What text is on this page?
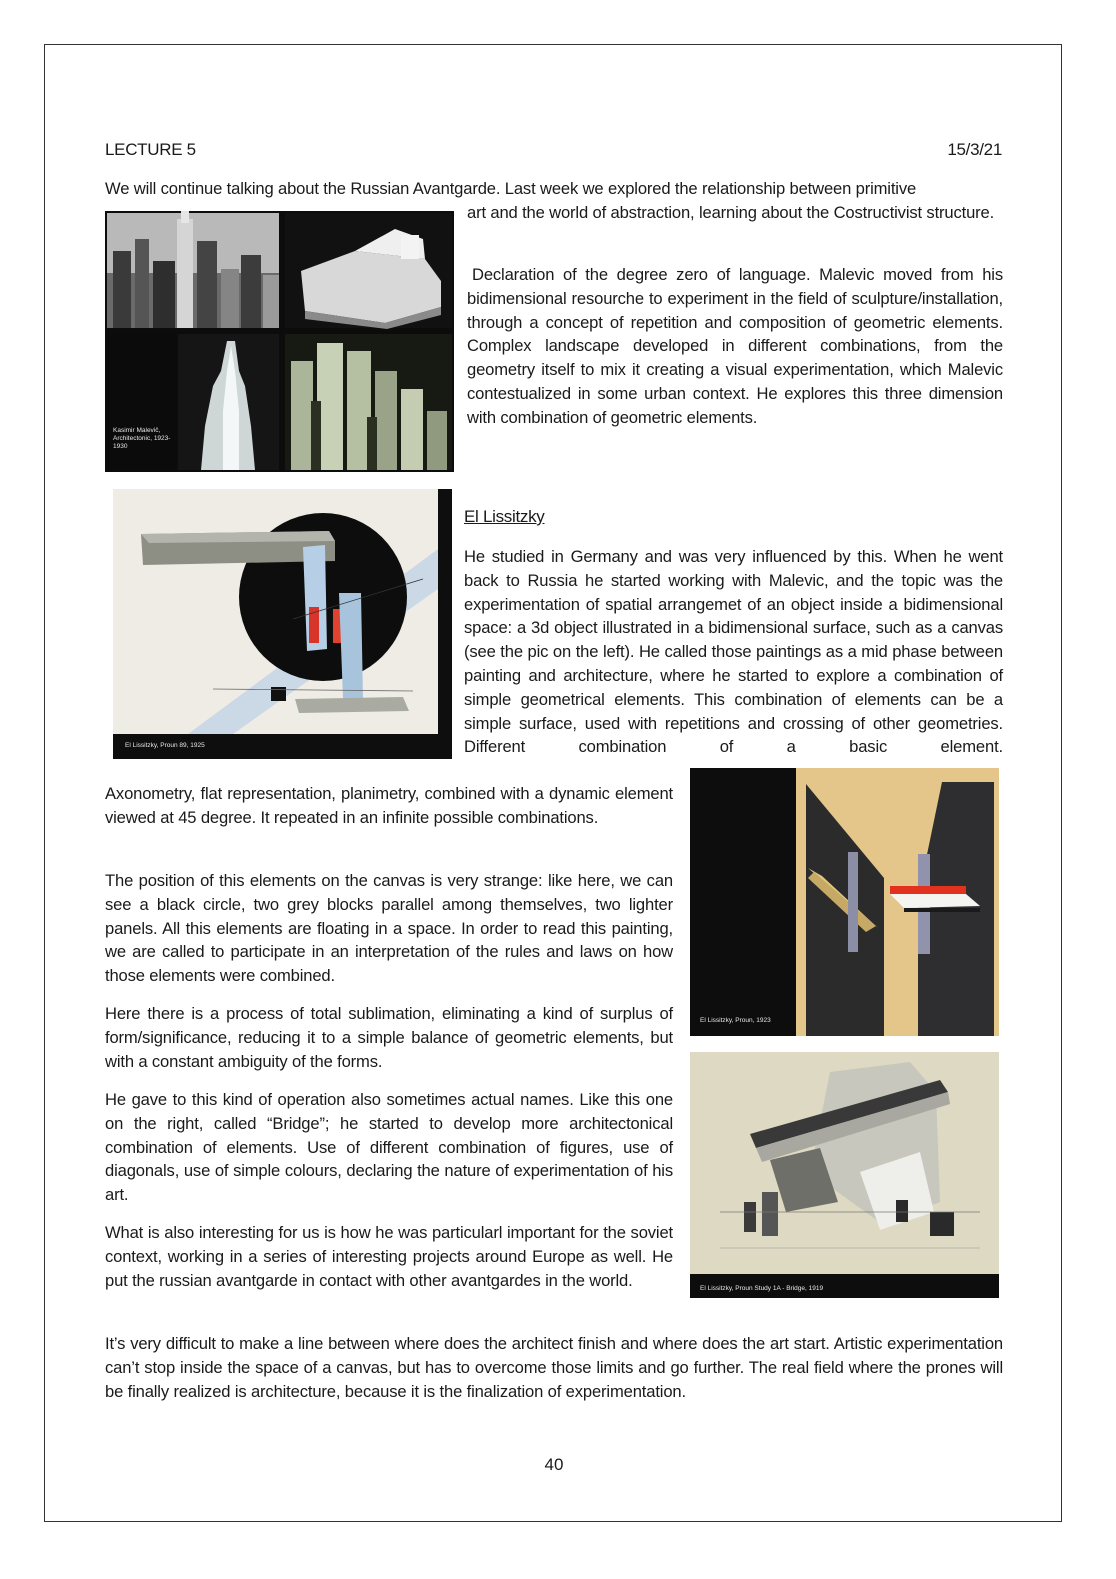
LECTURE 5	15/3/21
We will continue talking about the Russian Avantgarde. Last week we explored the relationship between primitive
art and the world of abstraction, learning about the Costructivist structure.
Declaration of the degree zero of language. Malevic moved from his bidimensional resourche to experiment in the field of sculpture/installation, through a concept of repetition and composition of geometric elements. Complex landscape developed in different combinations, from the geometry itself to mix it creating a visual experimentation, which Malevic contestualized in some urban context. He explores this three dimension with combination of geometric elements.
Kasimir Malevič, Architectonic, 1923-1930
El Lissitzky, Proun 89, 1925
El Lissitzky
He studied in Germany and was very influenced by this. When he went back to Russia he started working with Malevic, and the topic was the experimentation of spatial arrangemet of an object inside a bidimensional space: a 3d object illustrated in a bidimensional surface, such as a canvas (see the pic on the left). He called those paintings as a mid phase between painting and architecture, where he started to explore a combination of simple geometrical elements. This combination of elements can be a simple surface, used with repetitions and crossing of other geometries. Different combination of a basic element.
El Lissitzky, Proun, 1923
El Lissitzky, Proun Study 1A - Bridge, 1919
Axonometry, flat representation, planimetry, combined with a dynamic element viewed at 45 degree. It repeated in an infinite possible combinations.
The position of this elements on the canvas is very strange: like here, we can see a black circle, two grey blocks parallel among themselves, two lighter panels. All this elements are floating in a space. In order to read this painting, we are called to participate in an interpretation of the rules and laws on how those elements were combined.
Here there is a process of total sublimation, eliminating a kind of surplus of form/significance, reducing it to a simple balance of geometric elements, but with a constant ambiguity of the forms.
He gave to this kind of operation also sometimes actual names. Like this one on the right, called “Bridge”; he started to develop more architectonical combination of elements. Use of different combination of figures, use of diagonals, use of simple colours, declaring the nature of experimentation of his art.
What is also interesting for us is how he was particularl important for the soviet context, working in a series of interesting projects around Europe as well. He put the russian avantgarde in contact with other avantgardes in the world.
It’s very difficult to make a line between where does the architect finish and where does the art start. Artistic experimentation can’t stop inside the space of a canvas, but has to overcome those limits and go further. The real field where the prones will be finally realized is architecture, because it is the finalization of experimentation.
40
